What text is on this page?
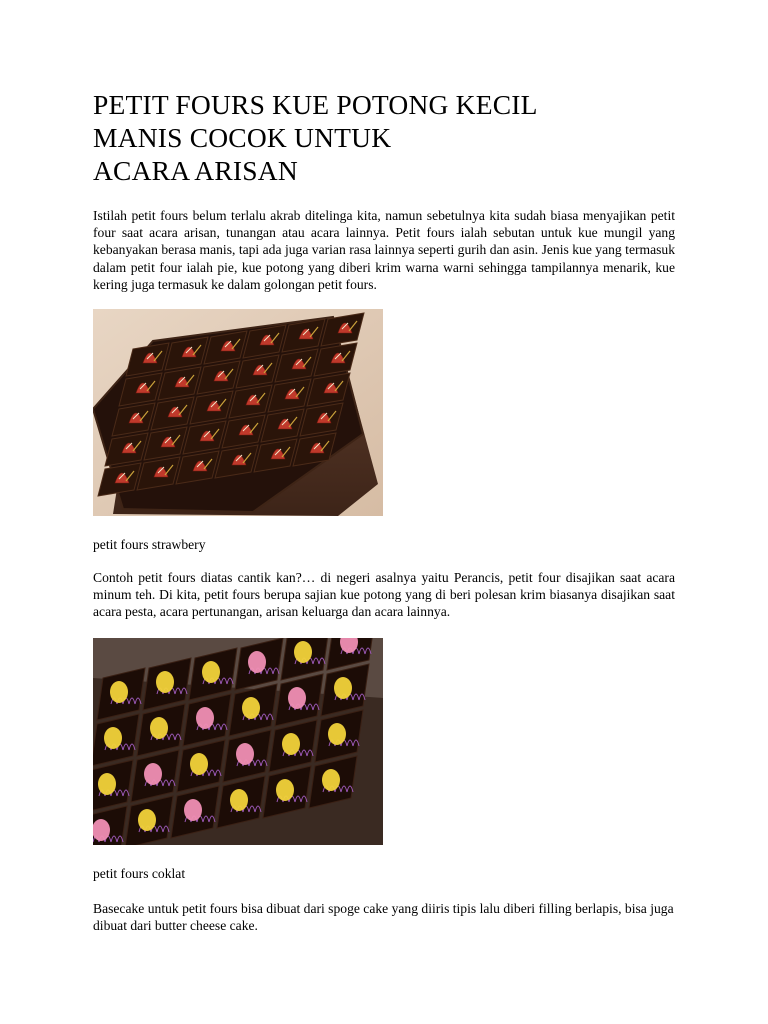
PETIT FOURS KUE POTONG KECIL
MANIS COCOK UNTUK
ACARA ARISAN

Istilah petit fours belum terlalu akrab ditelinga kita, namun sebetulnya kita sudah biasa menyajikan petit four saat acara arisan, tunangan atau acara lainnya. Petit fours ialah sebutan untuk kue mungil yang kebanyakan berasa manis, tapi ada juga varian rasa lainnya seperti gurih dan asin. Jenis kue yang termasuk dalam petit four ialah pie, kue potong yang diberi krim warna warni sehingga tampilannya menarik, kue kering juga termasuk ke dalam golongan petit fours.

petit fours strawbery

Contoh petit fours diatas cantik kan?… di negeri asalnya yaitu Perancis, petit four disajikan saat acara minum teh. Di kita, petit fours berupa sajian kue potong yang di beri polesan krim biasanya disajikan saat acara pesta, acara pertunangan, arisan keluarga dan acara lainnya.

petit fours coklat

Basecake untuk petit fours bisa dibuat dari spoge cake yang diiris tipis lalu diberi filling berlapis, bisa juga dibuat dari butter cheese cake.
